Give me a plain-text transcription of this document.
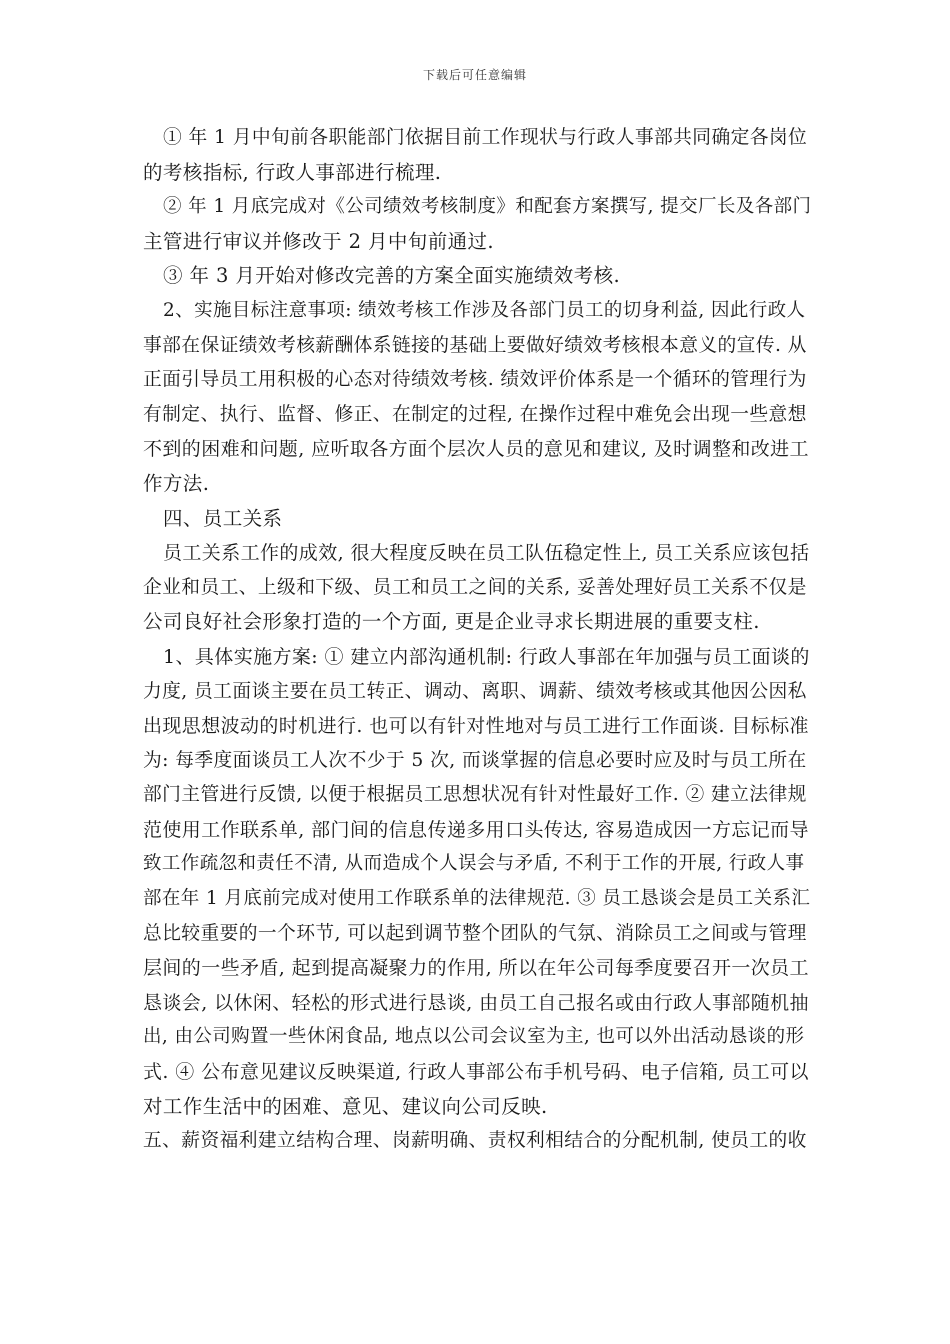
下载后可任意编辑
① 年 1 月中旬前各职能部门依据目前工作现状与行政人事部共同确定各岗位
的考核指标, 行政人事部进行梳理.
② 年 1 月底完成对《公司绩效考核制度》和配套方案撰写, 提交厂长及各部门
主管进行审议并修改于 2 月中旬前通过.
③ 年 3 月开始对修改完善的方案全面实施绩效考核.
2、实施目标注意事项: 绩效考核工作涉及各部门员工的切身利益, 因此行政人
事部在保证绩效考核薪酬体系链接的基础上要做好绩效考核根本意义的宣传. 从
正面引导员工用积极的心态对待绩效考核. 绩效评价体系是一个循环的管理行为
有制定、执行、监督、修正、在制定的过程, 在操作过程中难免会出现一些意想
不到的困难和问题, 应听取各方面个层次人员的意见和建议, 及时调整和改进工
作方法.
四、员工关系
员工关系工作的成效, 很大程度反映在员工队伍稳定性上, 员工关系应该包括
企业和员工、上级和下级、员工和员工之间的关系, 妥善处理好员工关系不仅是
公司良好社会形象打造的一个方面, 更是企业寻求长期进展的重要支柱.
1、具体实施方案: ① 建立内部沟通机制: 行政人事部在年加强与员工面谈的
力度, 员工面谈主要在员工转正、调动、离职、调薪、绩效考核或其他因公因私
出现思想波动的时机进行. 也可以有针对性地对与员工进行工作面谈. 目标标准
为: 每季度面谈员工人次不少于 5 次, 而谈掌握的信息必要时应及时与员工所在
部门主管进行反馈, 以便于根据员工思想状况有针对性最好工作. ② 建立法律规
范使用工作联系单, 部门间的信息传递多用口头传达, 容易造成因一方忘记而导
致工作疏忽和责任不清, 从而造成个人误会与矛盾, 不利于工作的开展, 行政人事
部在年 1 月底前完成对使用工作联系单的法律规范. ③ 员工恳谈会是员工关系汇
总比较重要的一个环节, 可以起到调节整个团队的气氛、消除员工之间或与管理
层间的一些矛盾, 起到提高凝聚力的作用, 所以在年公司每季度要召开一次员工
恳谈会, 以休闲、轻松的形式进行恳谈, 由员工自己报名或由行政人事部随机抽
出, 由公司购置一些休闲食品, 地点以公司会议室为主, 也可以外出活动恳谈的形
式. ④ 公布意见建议反映渠道, 行政人事部公布手机号码、电子信箱, 员工可以
对工作生活中的困难、意见、建议向公司反映.
五、薪资福利建立结构合理、岗薪明确、责权利相结合的分配机制, 使员工的收
